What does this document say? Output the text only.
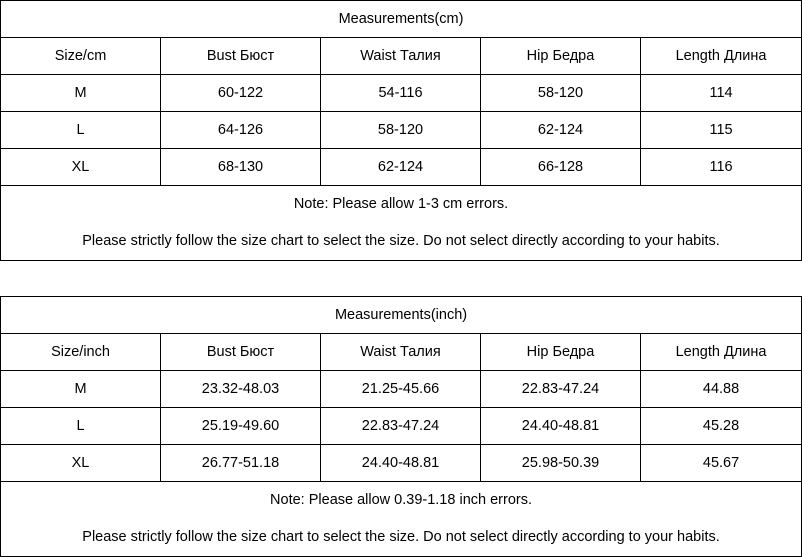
Measurements(cm)				
Size/cm	Bust Бюст	Waist Талия	Hip Бедра	Length Длина
M	60-122	54-116	58-120	114
L	64-126	58-120	62-124	115
XL	68-130	62-124	66-128	116

Note: Please allow 1-3 cm errors.
Please strictly follow the size chart to select the size. Do not select directly according to your habits.				
Measurements(inch)				
Size/inch	Bust Бюст	Waist Талия	Hip Бедра	Length Длина
M	23.32-48.03	21.25-45.66	22.83-47.24	44.88
L	25.19-49.60	22.83-47.24	24.40-48.81	45.28
XL	26.77-51.18	24.40-48.81	25.98-50.39	45.67

Note: Please allow 0.39-1.18 inch errors.
Please strictly follow the size chart to select the size. Do not select directly according to your habits.				
